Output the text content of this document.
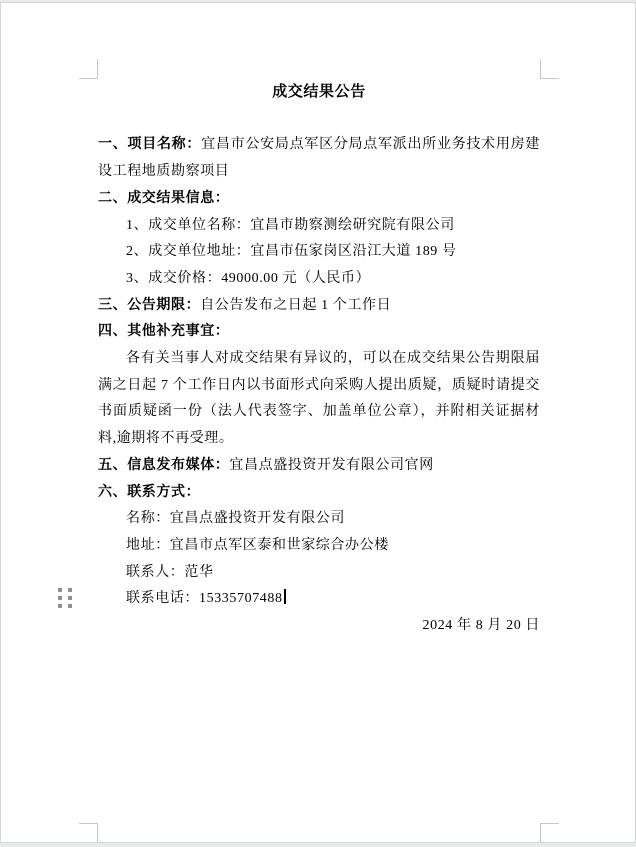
成交结果公告

一、项目名称：宜昌市公安局点军区分局点军派出所业务技术用房建设工程地质勘察项目

二、成交结果信息：

1、成交单位名称：宜昌市勘察测绘研究院有限公司

2、成交单位地址：宜昌市伍家岗区沿江大道 189 号

3、成交价格：49000.00 元（人民币）

三、公告期限：自公告发布之日起 1 个工作日

四、其他补充事宜：

各有关当事人对成交结果有异议的，可以在成交结果公告期限届满之日起 7 个工作日内以书面形式向采购人提出质疑，质疑时请提交书面质疑函一份（法人代表签字、加盖单位公章），并附相关证据材料,逾期将不再受理。

五、信息发布媒体：宜昌点盛投资开发有限公司官网

六、联系方式：

名称：宜昌点盛投资开发有限公司

地址：宜昌市点军区泰和世家综合办公楼

联系人：范华

联系电话：15335707488

2024 年 8 月 20 日
